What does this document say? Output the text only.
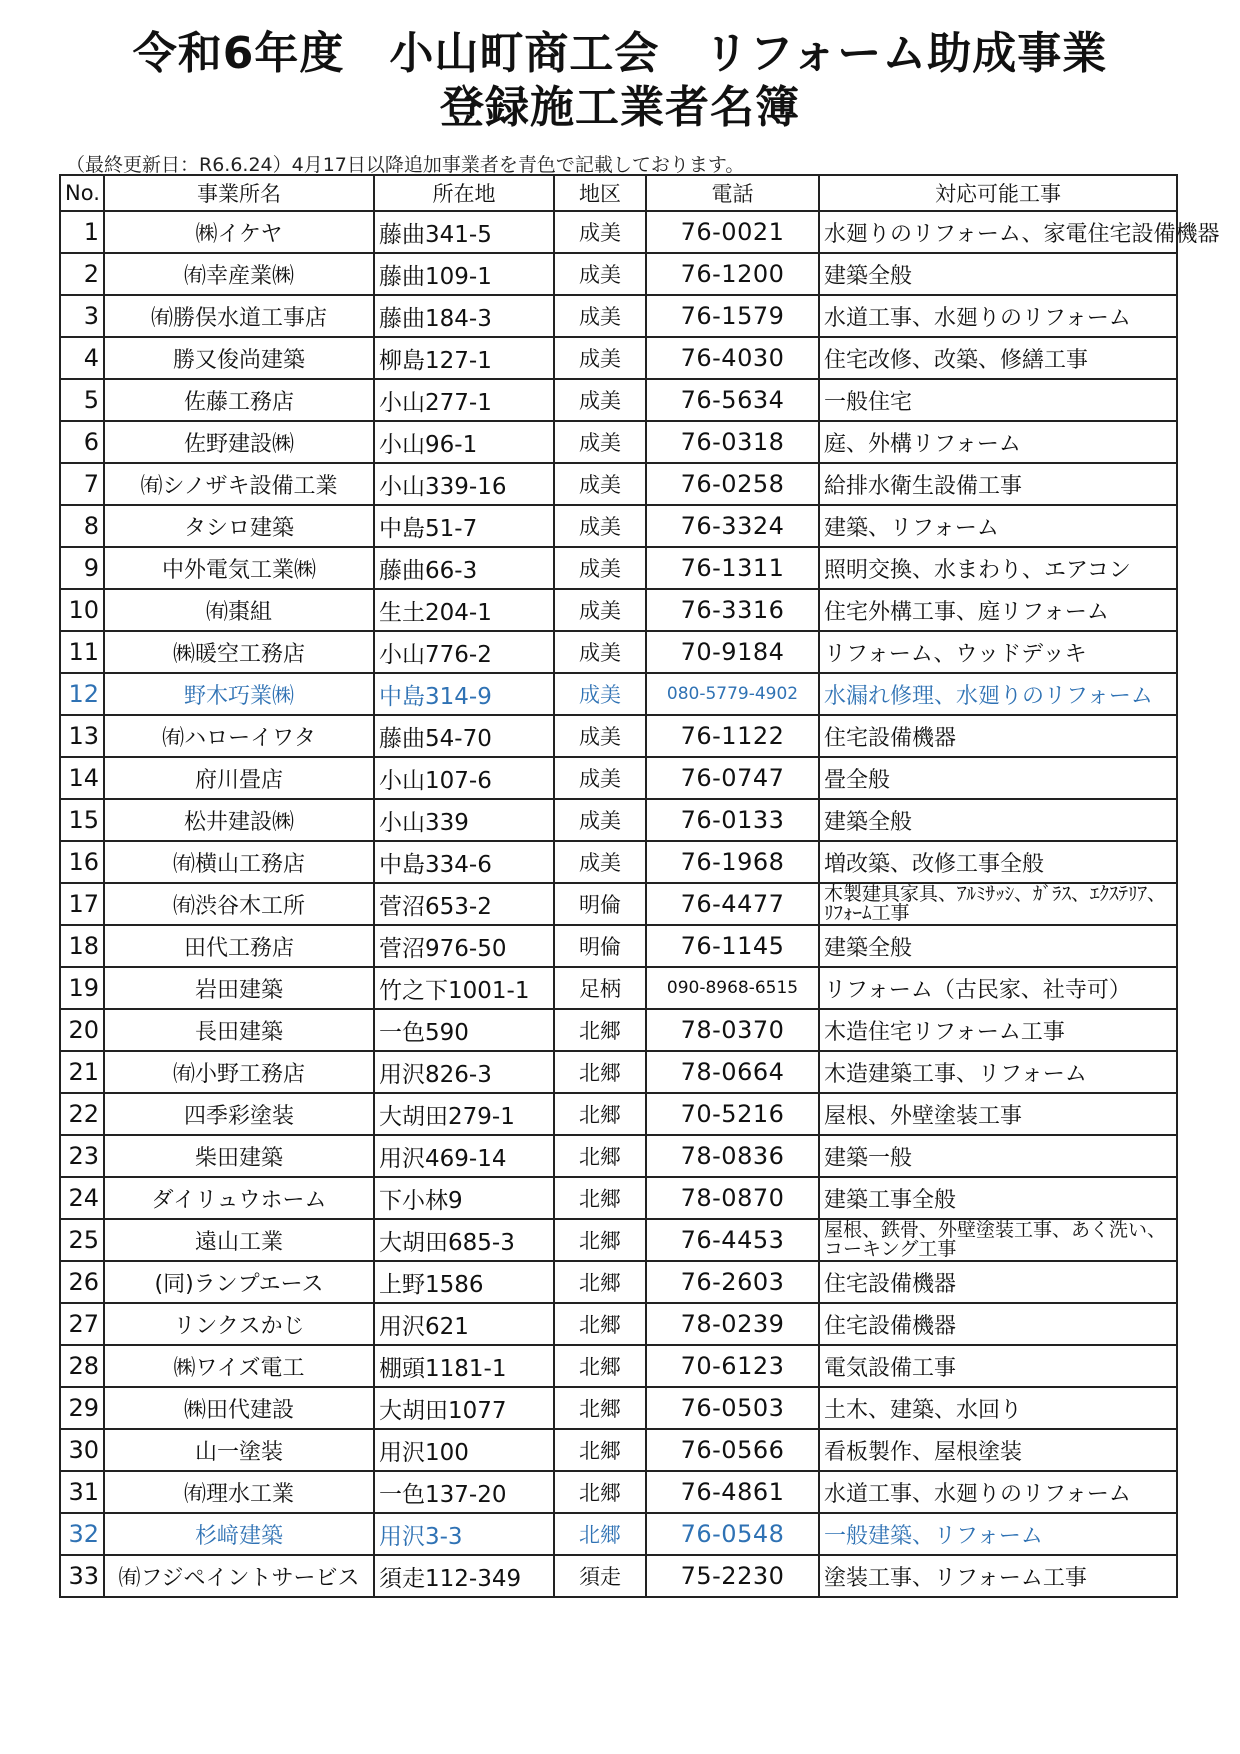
令和6年度　小山町商工会　リフォーム助成事業
登録施工業者名簿
（最終更新日：R6.6.24）4月17日以降追加事業者を青色で記載しております。
No.	事業所名	所在地	地区	電話	対応可能工事
1	㈱イケヤ	藤曲341-5	成美	76-0021	水廻りのリフォーム、家電住宅設備機器
2	㈲幸産業㈱	藤曲109-1	成美	76-1200	建築全般
3	㈲勝俣水道工事店	藤曲184-3	成美	76-1579	水道工事、水廻りのリフォーム
4	勝又俊尚建築	柳島127-1	成美	76-4030	住宅改修、改築、修繕工事
5	佐藤工務店	小山277-1	成美	76-5634	一般住宅
6	佐野建設㈱	小山96-1	成美	76-0318	庭、外構リフォーム
7	㈲シノザキ設備工業	小山339-16	成美	76-0258	給排水衛生設備工事
8	タシロ建築	中島51-7	成美	76-3324	建築、リフォーム
9	中外電気工業㈱	藤曲66-3	成美	76-1311	照明交換、水まわり、エアコン
10	㈲棗組	生土204-1	成美	76-3316	住宅外構工事、庭リフォーム
11	㈱暖空工務店	小山776-2	成美	70-9184	リフォーム、ウッドデッキ
12	野木巧業㈱	中島314-9	成美	080-5779-4902	水漏れ修理、水廻りのリフォーム
13	㈲ハローイワタ	藤曲54-70	成美	76-1122	住宅設備機器
14	府川畳店	小山107-6	成美	76-0747	畳全般
15	松井建設㈱	小山339	成美	76-0133	建築全般
16	㈲横山工務店	中島334-6	成美	76-1968	増改築、改修工事全般
17	㈲渋谷木工所	菅沼653-2	明倫	76-4477	木製建具家具、ｱﾙﾐｻｯｼ、ｶﾞﾗｽ、ｴｸｽﾃﾘｱ、ﾘﾌｫｰﾑ工事
18	田代工務店	菅沼976-50	明倫	76-1145	建築全般
19	岩田建築	竹之下1001-1	足柄	090-8968-6515	リフォーム（古民家、社寺可）
20	長田建築	一色590	北郷	78-0370	木造住宅リフォーム工事
21	㈲小野工務店	用沢826-3	北郷	78-0664	木造建築工事、リフォーム
22	四季彩塗装	大胡田279-1	北郷	70-5216	屋根、外壁塗装工事
23	柴田建築	用沢469-14	北郷	78-0836	建築一般
24	ダイリュウホーム	下小林9	北郷	78-0870	建築工事全般
25	遠山工業	大胡田685-3	北郷	76-4453	屋根、鉄骨、外壁塗装工事、あく洗い、コーキング工事
26	(同)ランプエース	上野1586	北郷	76-2603	住宅設備機器
27	リンクスかじ	用沢621	北郷	78-0239	住宅設備機器
28	㈱ワイズ電工	棚頭1181-1	北郷	70-6123	電気設備工事
29	㈱田代建設	大胡田1077	北郷	76-0503	土木、建築、水回り
30	山一塗装	用沢100	北郷	76-0566	看板製作、屋根塗装
31	㈲理水工業	一色137-20	北郷	76-4861	水道工事、水廻りのリフォーム
32	杉﨑建築	用沢3-3	北郷	76-0548	一般建築、リフォーム
33	㈲フジペイントサービス	須走112-349	須走	75-2230	塗装工事、リフォーム工事
